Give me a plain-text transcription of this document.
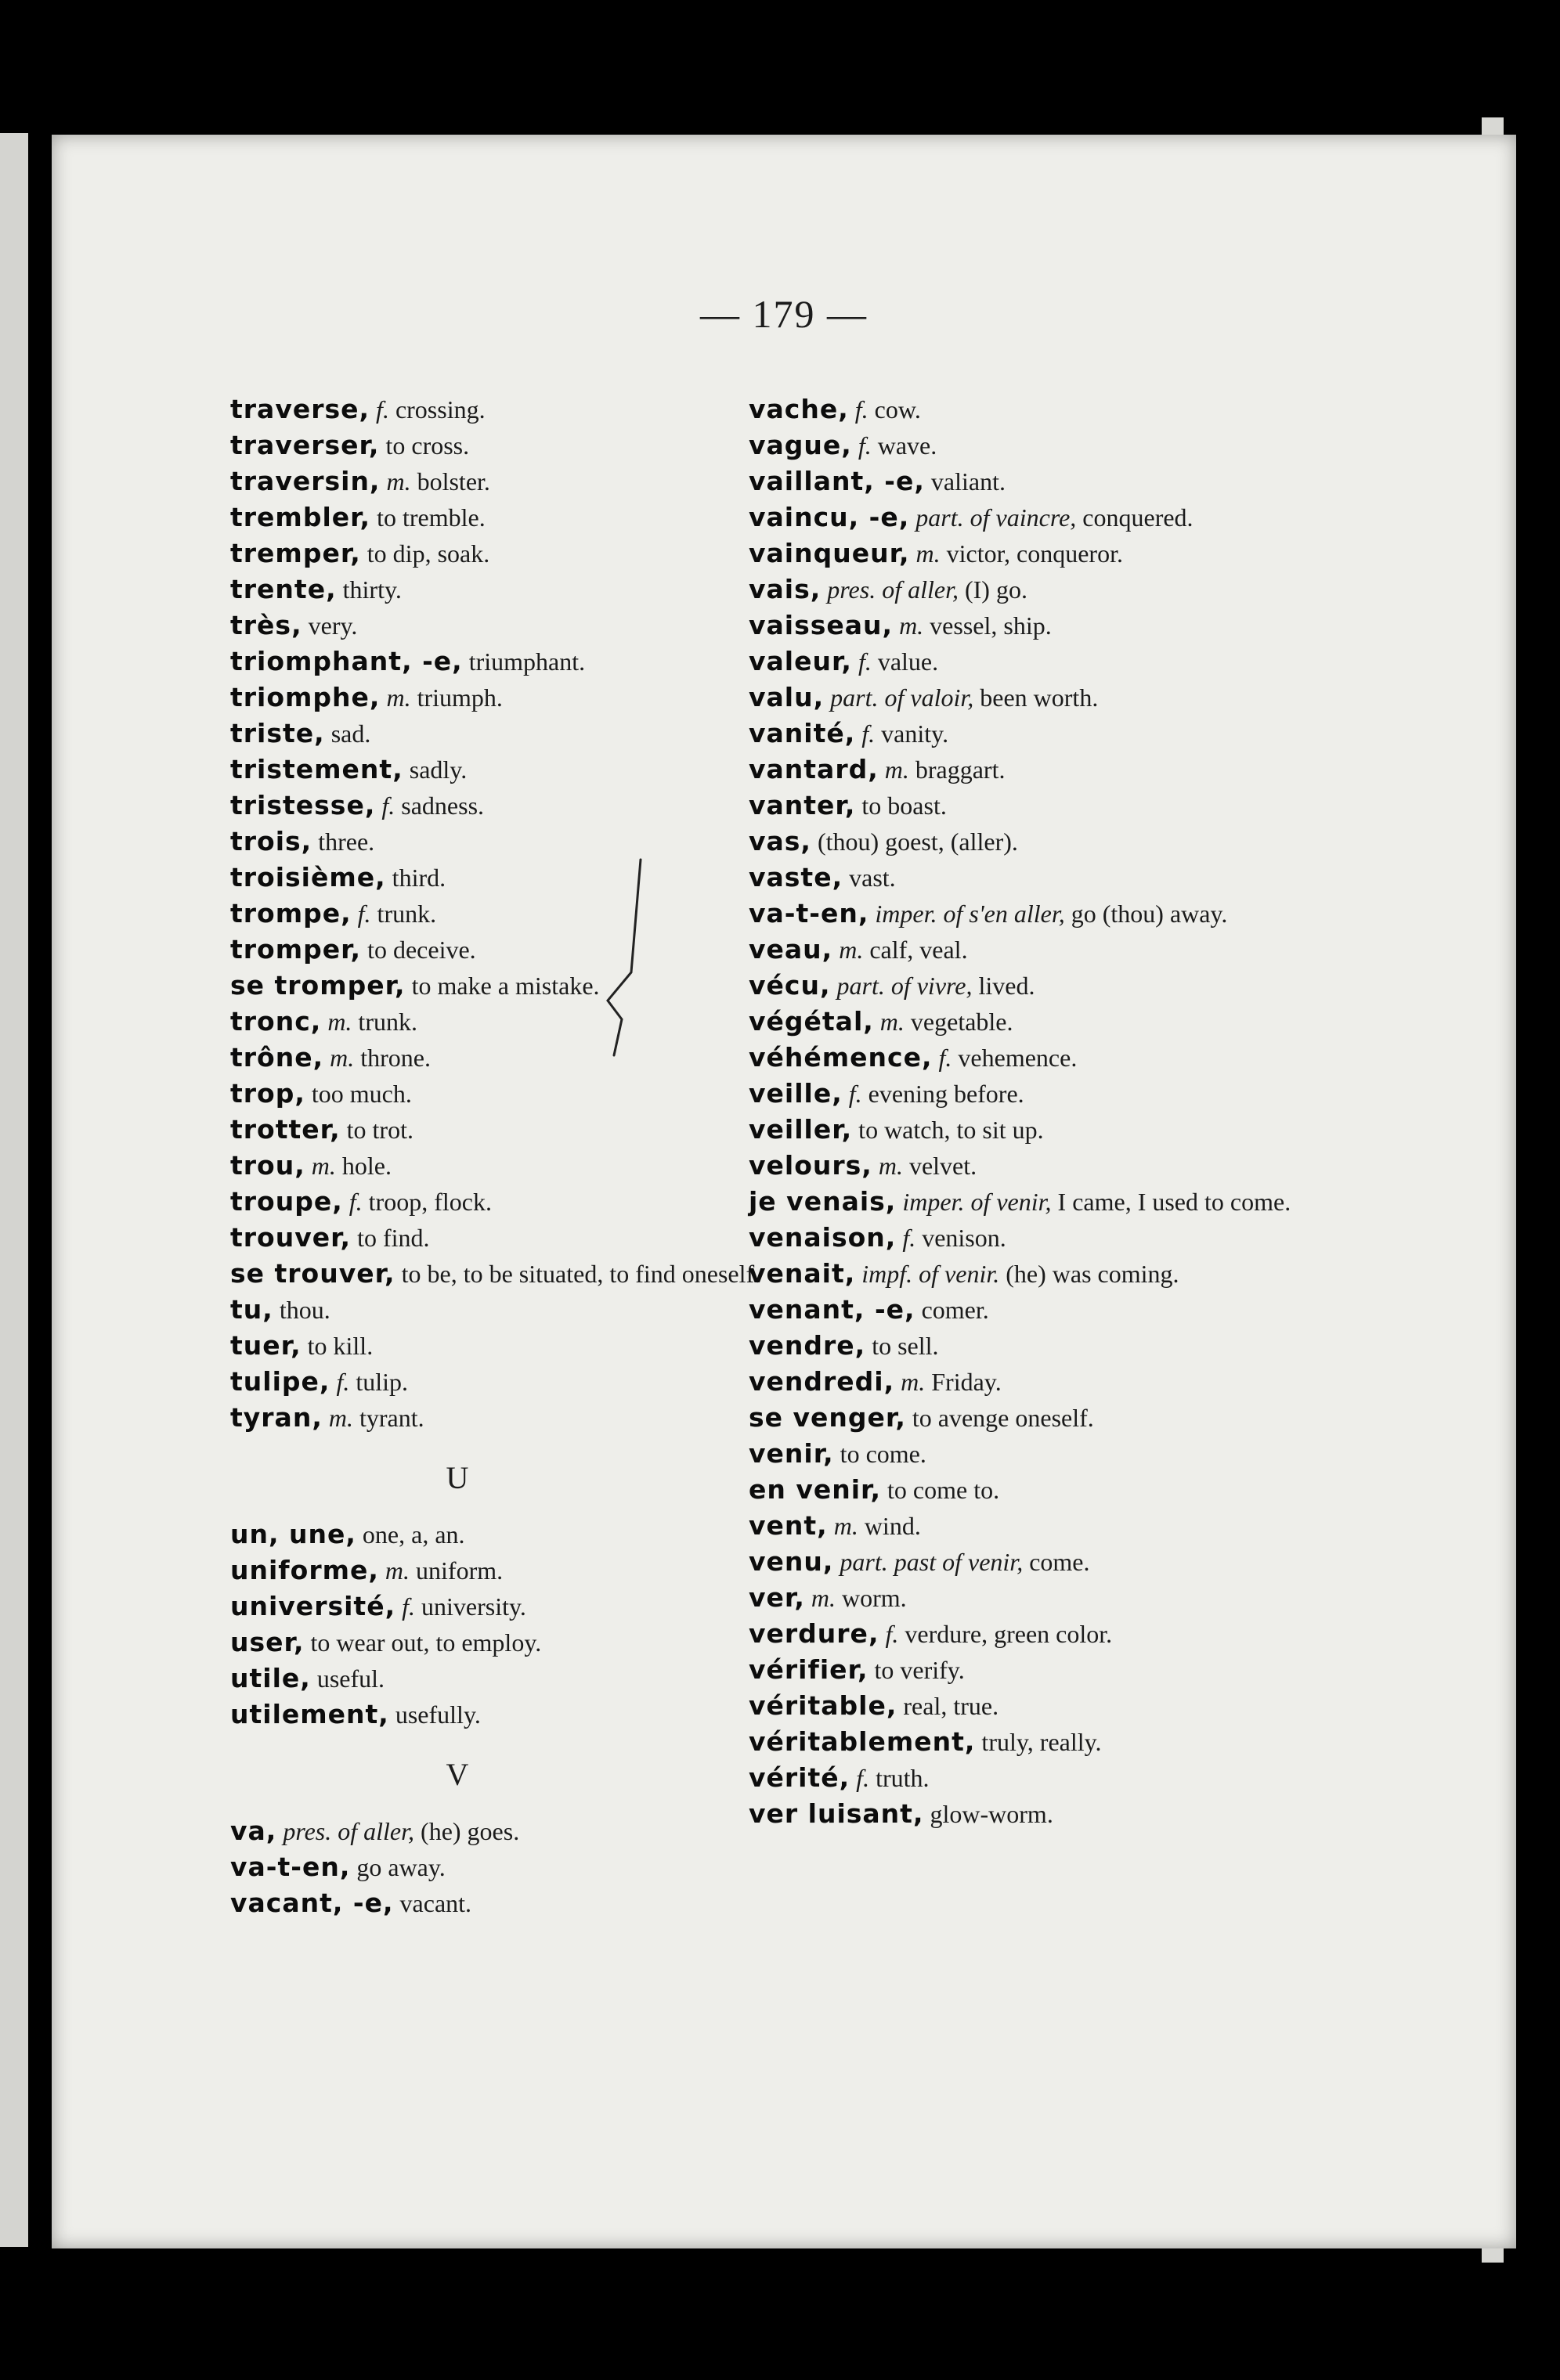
— 179 —
traverse, f. crossing.
traverser, to cross.
traversin, m. bolster.
trembler, to tremble.
tremper, to dip, soak.
trente, thirty.
très, very.
triomphant, -e, triumphant.
triomphe, m. triumph.
triste, sad.
tristement, sadly.
tristesse, f. sadness.
trois, three.
troisième, third.
trompe, f. trunk.
tromper, to deceive.
se tromper, to make a mistake.
tronc, m. trunk.
trône, m. throne.
trop, too much.
trotter, to trot.
trou, m. hole.
troupe, f. troop, flock.
trouver, to find.
se trouver, to be, to be situated, to find oneself.
tu, thou.
tuer, to kill.
tulipe, f. tulip.
tyran, m. tyrant.
U
un, une, one, a, an.
uniforme, m. uniform.
université, f. university.
user, to wear out, to employ.
utile, useful.
utilement, usefully.
V
va, pres. of aller, (he) goes.
va-t-en, go away.
vacant, -e, vacant.
vache, f. cow.
vague, f. wave.
vaillant, -e, valiant.
vaincu, -e, part. of vaincre, conquered.
vainqueur, m. victor, conqueror.
vais, pres. of aller, (I) go.
vaisseau, m. vessel, ship.
valeur, f. value.
valu, part. of valoir, been worth.
vanité, f. vanity.
vantard, m. braggart.
vanter, to boast.
vas, (thou) goest, (aller).
vaste, vast.
va-t-en, imper. of s'en aller, go (thou) away.
veau, m. calf, veal.
vécu, part. of vivre, lived.
végétal, m. vegetable.
véhémence, f. vehemence.
veille, f. evening before.
veiller, to watch, to sit up.
velours, m. velvet.
je venais, imper. of venir, I came, I used to come.
venaison, f. venison.
venait, impf. of venir. (he) was coming.
venant, -e, comer.
vendre, to sell.
vendredi, m. Friday.
se venger, to avenge oneself.
venir, to come.
en venir, to come to.
vent, m. wind.
venu, part. past of venir, come.
ver, m. worm.
verdure, f. verdure, green color.
vérifier, to verify.
véritable, real, true.
véritablement, truly, really.
vérité, f. truth.
ver luisant, glow-worm.
